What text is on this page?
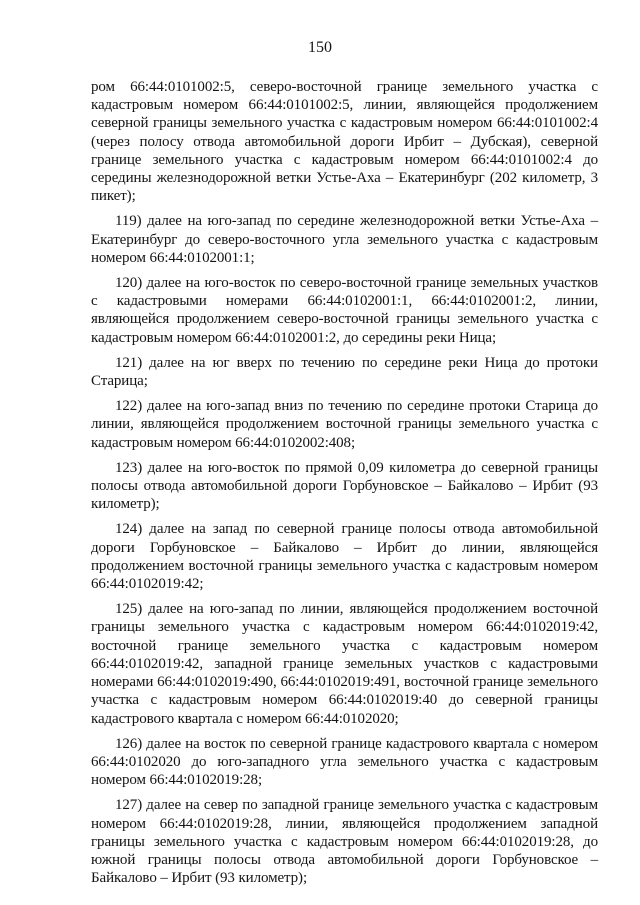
150

ром 66:44:0101002:5, северо-восточной границе земельного участка с кадастровым номером 66:44:0101002:5, линии, являющейся продолжением северной границы земельного участка с кадастровым номером 66:44:0101002:4 (через полосу отвода автомобильной дороги Ирбит – Дубская), северной границе земельного участка с кадастровым номером 66:44:0101002:4 до середины железнодорожной ветки Устье-Аха – Екатеринбург (202 километр, 3 пикет);

119) далее на юго-запад по середине железнодорожной ветки Устье-Аха – Екатеринбург до северо-восточного угла земельного участка с кадастровым номером 66:44:0102001:1;

120) далее на юго-восток по северо-восточной границе земельных участков с кадастровыми номерами 66:44:0102001:1, 66:44:0102001:2, линии, являющейся продолжением северо-восточной границы земельного участка с кадастровым номером 66:44:0102001:2, до середины реки Ница;

121) далее на юг вверх по течению по середине реки Ница до протоки Старица;

122) далее на юго-запад вниз по течению по середине протоки Старица до линии, являющейся продолжением восточной границы земельного участка с кадастровым номером 66:44:0102002:408;

123) далее на юго-восток по прямой 0,09 километра до северной границы полосы отвода автомобильной дороги Горбуновское – Байкалово – Ирбит (93 километр);

124) далее на запад по северной границе полосы отвода автомобильной дороги Горбуновское – Байкалово – Ирбит до линии, являющейся продолжением восточной границы земельного участка с кадастровым номером 66:44:0102019:42;

125) далее на юго-запад по линии, являющейся продолжением восточной границы земельного участка с кадастровым номером 66:44:0102019:42, восточной границе земельного участка с кадастровым номером 66:44:0102019:42, западной границе земельных участков с кадастровыми номерами 66:44:0102019:490, 66:44:0102019:491, восточной границе земельного участка с кадастровым номером 66:44:0102019:40 до северной границы кадастрового квартала с номером 66:44:0102020;

126) далее на восток по северной границе кадастрового квартала с номером 66:44:0102020 до юго-западного угла земельного участка с кадастровым номером 66:44:0102019:28;

127) далее на север по западной границе земельного участка с кадастровым номером 66:44:0102019:28, линии, являющейся продолжением западной границы земельного участка с кадастровым номером 66:44:0102019:28, до южной границы полосы отвода автомобильной дороги Горбуновское – Байкалово – Ирбит (93 километр);
